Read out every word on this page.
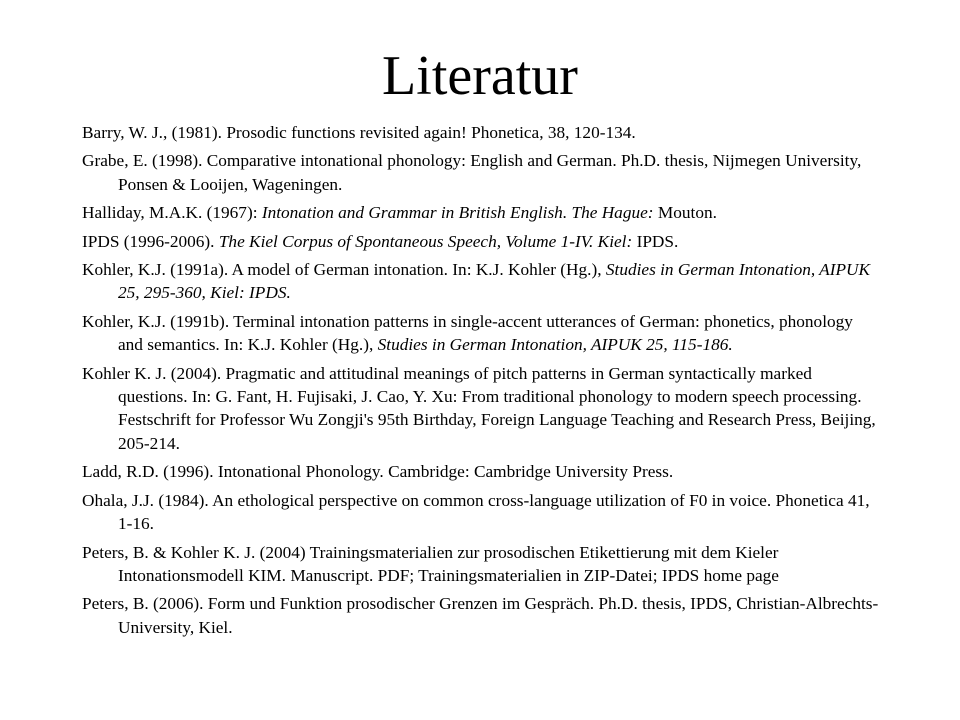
Literatur
Barry, W. J., (1981). Prosodic functions revisited again! Phonetica, 38, 120-134.
Grabe, E. (1998). Comparative intonational phonology: English and German. Ph.D. thesis, Nijmegen University, Ponsen & Looijen, Wageningen.
Halliday, M.A.K. (1967): Intonation and Grammar in British English. The Hague: Mouton.
IPDS (1996-2006). The Kiel Corpus of Spontaneous Speech, Volume 1-IV. Kiel: IPDS.
Kohler, K.J. (1991a). A model of German intonation. In: K.J. Kohler (Hg.), Studies in German Intonation, AIPUK 25, 295-360, Kiel: IPDS.
Kohler, K.J. (1991b). Terminal intonation patterns in single-accent utterances of German: phonetics, phonology and semantics. In: K.J. Kohler (Hg.), Studies in German Intonation, AIPUK 25, 115-186.
Kohler K. J. (2004). Pragmatic and attitudinal meanings of pitch patterns in German syntactically marked questions. In: G. Fant, H. Fujisaki, J. Cao, Y. Xu: From traditional phonology to modern speech processing. Festschrift for Professor Wu Zongji's 95th Birthday, Foreign Language Teaching and Research Press, Beijing, 205-214.
Ladd, R.D. (1996). Intonational Phonology. Cambridge: Cambridge University Press.
Ohala, J.J. (1984). An ethological perspective on common cross-language utilization of F0 in voice. Phonetica 41, 1-16.
Peters, B. & Kohler K. J. (2004) Trainingsmaterialien zur prosodischen Etikettierung mit dem Kieler Intonationsmodell KIM. Manuscript. PDF; Trainingsmaterialien in ZIP-Datei; IPDS home page
Peters, B. (2006). Form und Funktion prosodischer Grenzen im Gespräch. Ph.D. thesis, IPDS, Christian-Albrechts-University, Kiel.
